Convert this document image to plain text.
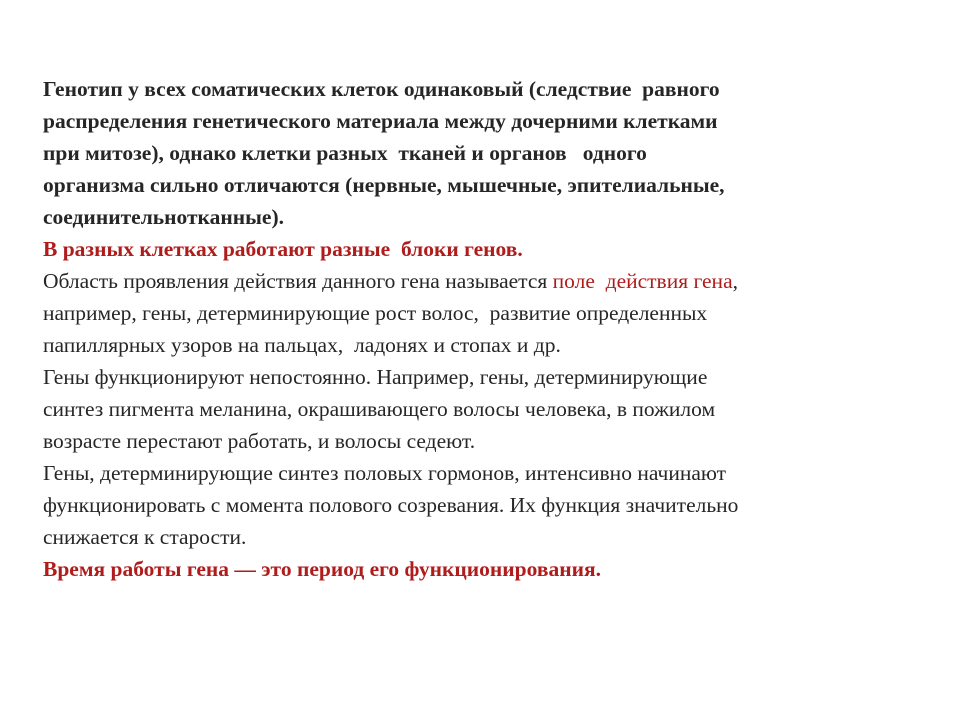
Генотип у всех соматических клеток одинаковый (следствие  равного
распределения генетического материала между дочерними клетками
при митозе), однако клетки разных  тканей и органов   одного
организма сильно отличаются (нервные, мышечные, эпителиальные,
соединительнотканные).

В разных клетках работают разные  блоки генов.

Область проявления действия данного гена называется поле  действия гена,
например, гены, детерминирующие рост волос,  развитие определенных
папиллярных узоров на пальцах,  ладонях и стопах и др.

Гены функционируют непостоянно. Например, гены, детерминирующие
синтез пигмента меланина, окрашивающего волосы человека, в пожилом
возрасте перестают работать, и волосы седеют.

Гены, детерминирующие синтез половых гормонов, интенсивно начинают
функционировать с момента полового созревания. Их функция значительно
снижается к старости.

Время работы гена — это период его функционирования.
